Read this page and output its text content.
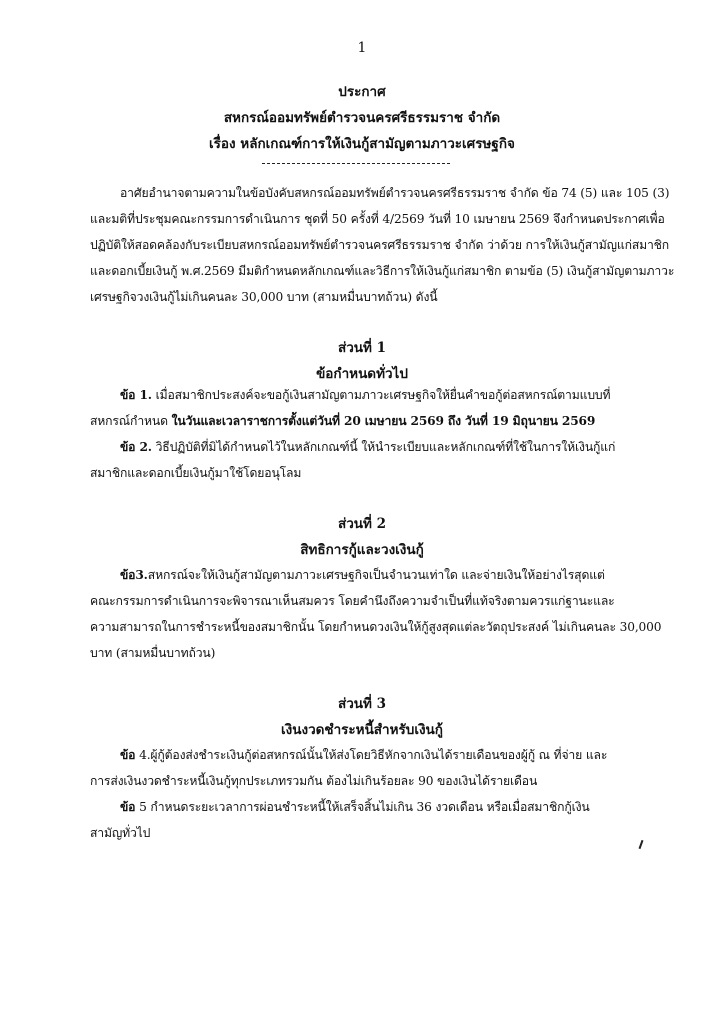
1

ประกาศ

สหกรณ์ออมทรัพย์ตำรวจนครศรีธรรมราช จำกัด

เรื่อง หลักเกณฑ์การให้เงินกู้สามัญตามภาวะเศรษฐกิจ

อาศัยอำนาจตามความในข้อบังคับสหกรณ์ออมทรัพย์ตำรวจนครศรีธรรมราช จำกัด ข้อ 74 (5) และ 105 (3)

และมติที่ประชุมคณะกรรมการดำเนินการ ชุดที่ 50 ครั้งที่ 4/2569 วันที่ 10 เมษายน 2569 จึงกำหนดประกาศเพื่อ

ปฏิบัติให้สอดคล้องกับระเบียบสหกรณ์ออมทรัพย์ตำรวจนครศรีธรรมราช จำกัด ว่าด้วย การให้เงินกู้สามัญแก่สมาชิก

และดอกเบี้ยเงินกู้ พ.ศ.2569 มีมติกำหนดหลักเกณฑ์และวิธีการให้เงินกู้แก่สมาชิก ตามข้อ (5) เงินกู้สามัญตามภาวะ

เศรษฐกิจวงเงินกู้ไม่เกินคนละ 30,000 บาท (สามหมื่นบาทถ้วน) ดังนี้

ส่วนที่ 1

ข้อกำหนดทั่วไป

ข้อ 1. เมื่อสมาชิกประสงค์จะขอกู้เงินสามัญตามภาวะเศรษฐกิจให้ยื่นคำขอกู้ต่อสหกรณ์ตามแบบที่

สหกรณ์กำหนด ในวันและเวลาราชการตั้งแต่วันที่ 20 เมษายน 2569 ถึง วันที่ 19 มิถุนายน 2569

ข้อ 2. วิธีปฏิบัติที่มิได้กำหนดไว้ในหลักเกณฑ์นี้ ให้นำระเบียบและหลักเกณฑ์ที่ใช้ในการให้เงินกู้แก่

สมาชิกและดอกเบี้ยเงินกู้มาใช้โดยอนุโลม

ส่วนที่ 2

สิทธิการกู้และวงเงินกู้

ข้อ3.สหกรณ์จะให้เงินกู้สามัญตามภาวะเศรษฐกิจเป็นจำนวนเท่าใด และจ่ายเงินให้อย่างไรสุดแต่

คณะกรรมการดำเนินการจะพิจารณาเห็นสมควร โดยคำนึงถึงความจำเป็นที่แท้จริงตามควรแก่ฐานะและ

ความสามารถในการชำระหนี้ของสมาชิกนั้น โดยกำหนดวงเงินให้กู้สูงสุดแต่ละวัตถุประสงค์ ไม่เกินคนละ 30,000

บาท (สามหมื่นบาทถ้วน)

ส่วนที่ 3

เงินงวดชำระหนี้สำหรับเงินกู้

ข้อ 4.ผู้กู้ต้องส่งชำระเงินกู้ต่อสหกรณ์นั้นให้ส่งโดยวิธีหักจากเงินได้รายเดือนของผู้กู้ ณ ที่จ่าย และ

การส่งเงินงวดชำระหนี้เงินกู้ทุกประเภทรวมกัน ต้องไม่เกินร้อยละ 90 ของเงินได้รายเดือน

ข้อ 5 กำหนดระยะเวลาการผ่อนชำระหนี้ให้เสร็จสิ้นไม่เกิน 36 งวดเดือน หรือเมื่อสมาชิกกู้เงิน

สามัญทั่วไป
